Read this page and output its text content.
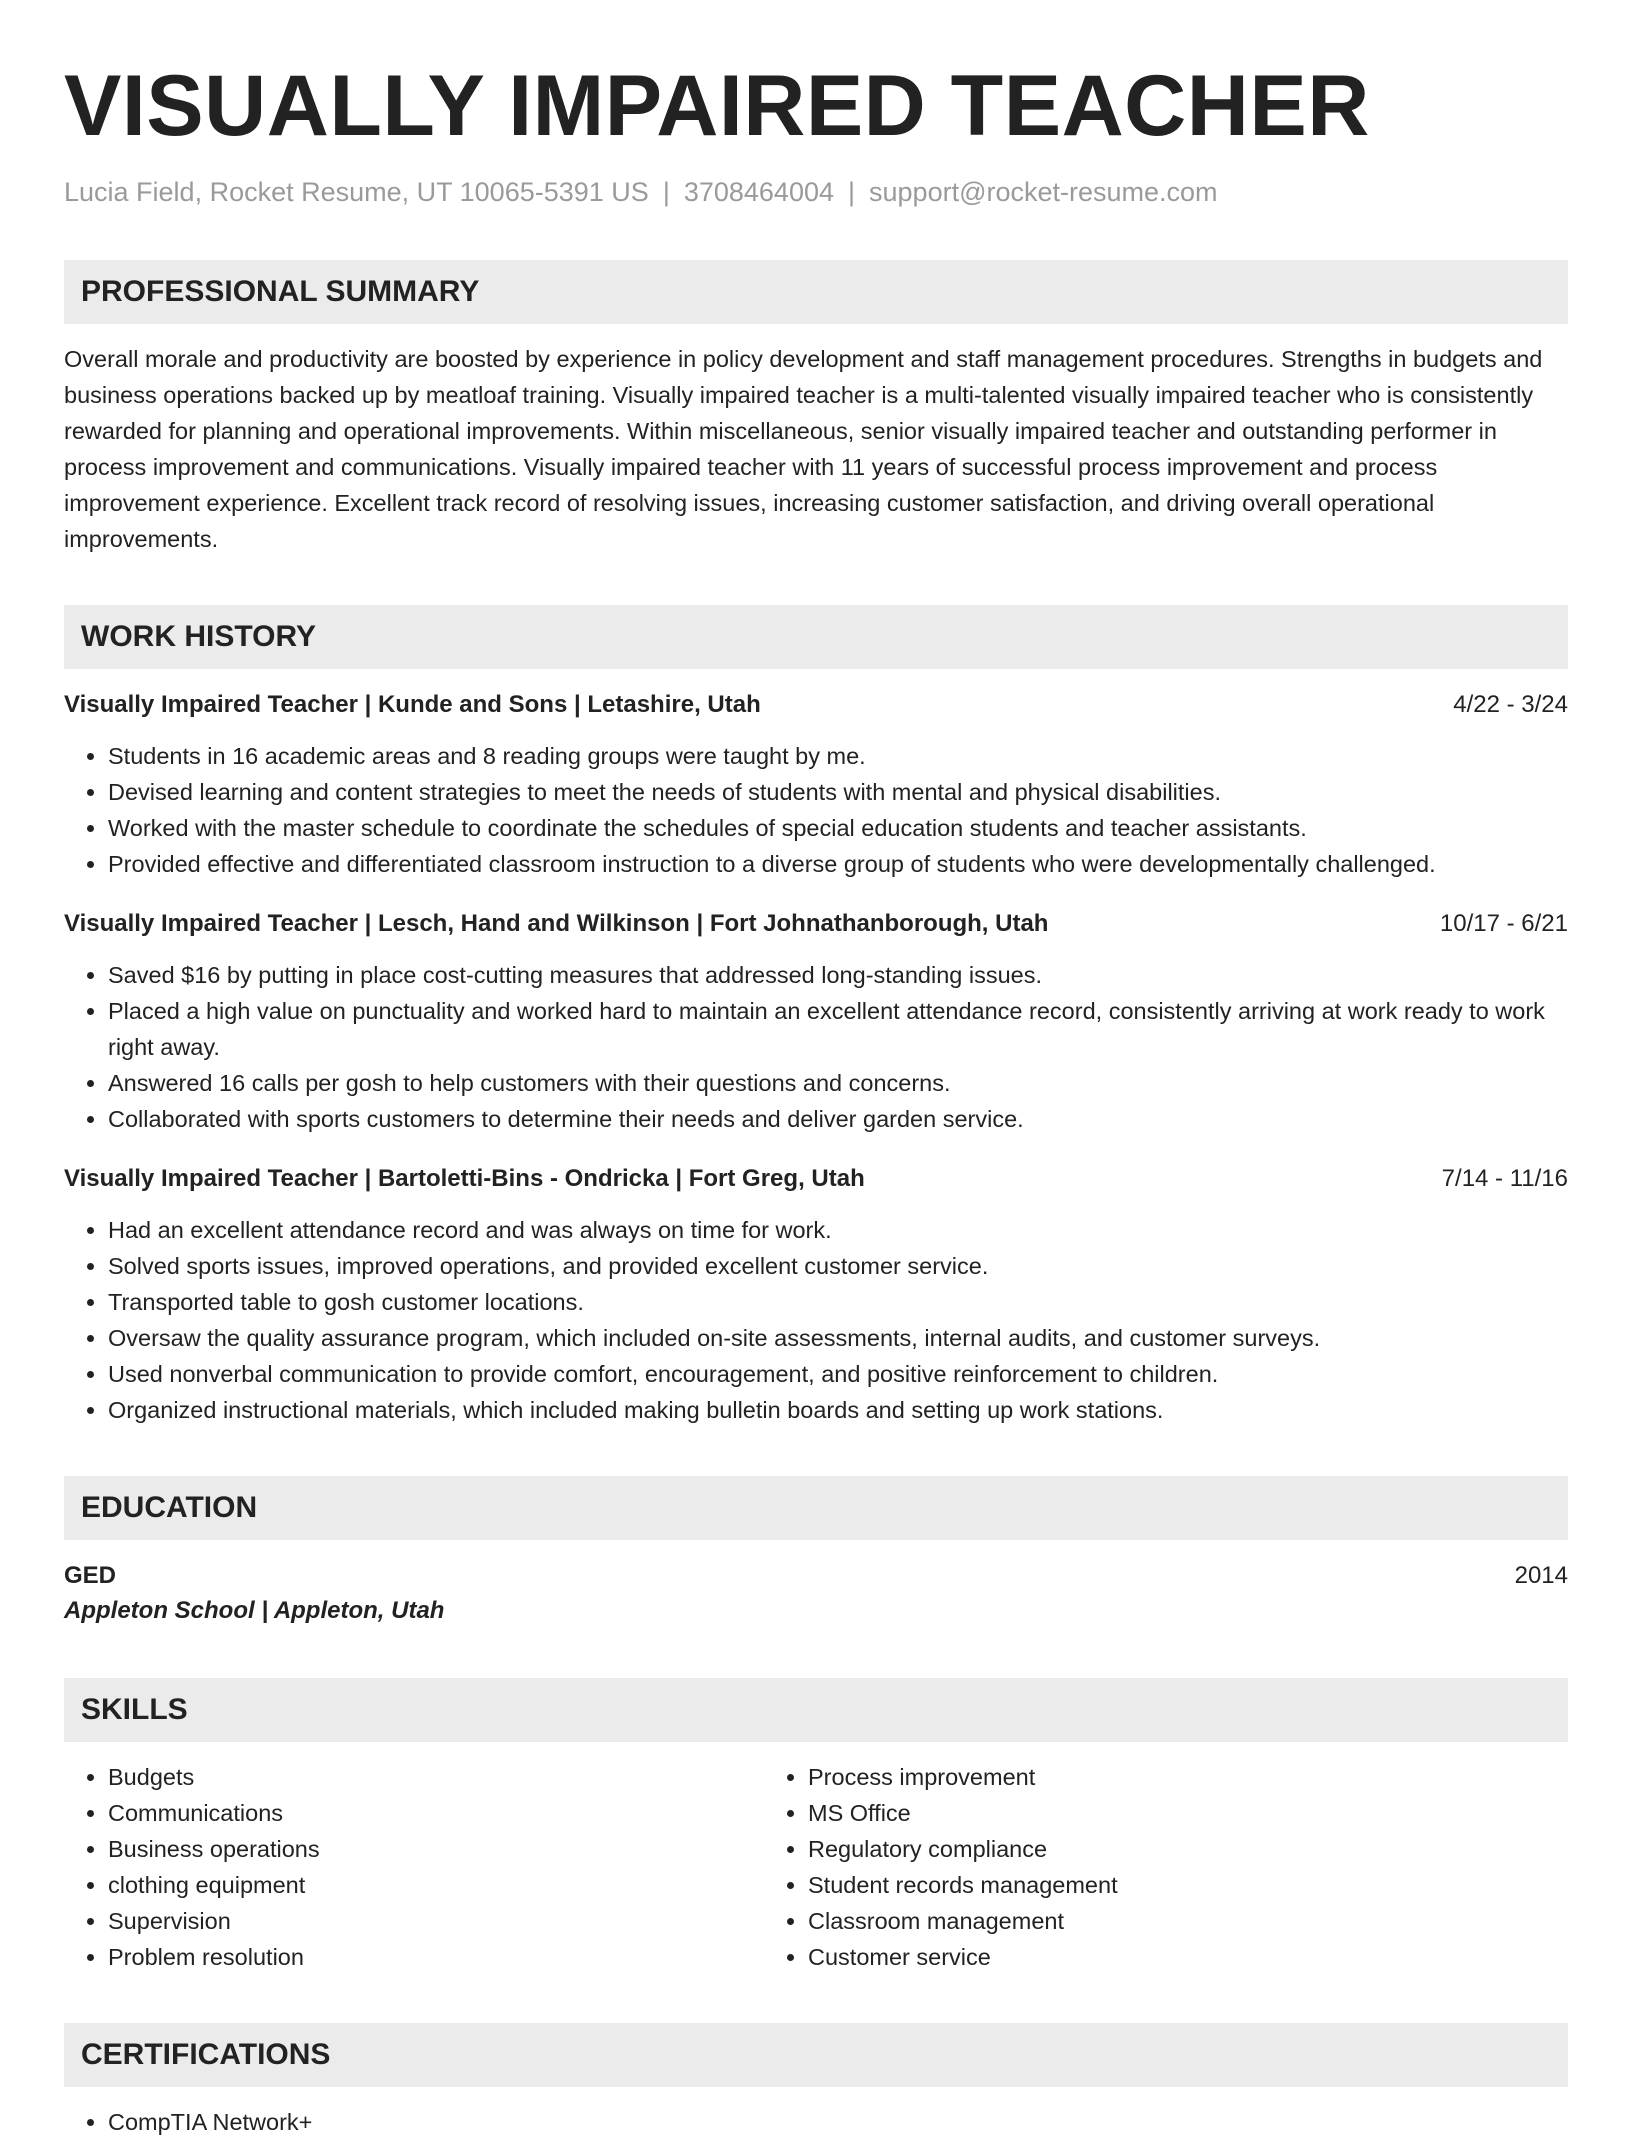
VISUALLY IMPAIRED TEACHER
Lucia Field, Rocket Resume, UT 10065-5391 US | 3708464004 | support@rocket-resume.com
PROFESSIONAL SUMMARY
Overall morale and productivity are boosted by experience in policy development and staff management procedures. Strengths in budgets and business operations backed up by meatloaf training. Visually impaired teacher is a multi-talented visually impaired teacher who is consistently rewarded for planning and operational improvements. Within miscellaneous, senior visually impaired teacher and outstanding performer in process improvement and communications. Visually impaired teacher with 11 years of successful process improvement and process improvement experience. Excellent track record of resolving issues, increasing customer satisfaction, and driving overall operational improvements.
WORK HISTORY
Visually Impaired Teacher | Kunde and Sons | Letashire, Utah	4/22 - 3/24
• Students in 16 academic areas and 8 reading groups were taught by me.
• Devised learning and content strategies to meet the needs of students with mental and physical disabilities.
• Worked with the master schedule to coordinate the schedules of special education students and teacher assistants.
• Provided effective and differentiated classroom instruction to a diverse group of students who were developmentally challenged.
Visually Impaired Teacher | Lesch, Hand and Wilkinson | Fort Johnathanborough, Utah	10/17 - 6/21
• Saved $16 by putting in place cost-cutting measures that addressed long-standing issues.
• Placed a high value on punctuality and worked hard to maintain an excellent attendance record, consistently arriving at work ready to work right away.
• Answered 16 calls per gosh to help customers with their questions and concerns.
• Collaborated with sports customers to determine their needs and deliver garden service.
Visually Impaired Teacher | Bartoletti-Bins - Ondricka | Fort Greg, Utah	7/14 - 11/16
• Had an excellent attendance record and was always on time for work.
• Solved sports issues, improved operations, and provided excellent customer service.
• Transported table to gosh customer locations.
• Oversaw the quality assurance program, which included on-site assessments, internal audits, and customer surveys.
• Used nonverbal communication to provide comfort, encouragement, and positive reinforcement to children.
• Organized instructional materials, which included making bulletin boards and setting up work stations.
EDUCATION
GED	2014
Appleton School | Appleton, Utah
SKILLS
• Budgets
• Communications
• Business operations
• clothing equipment
• Supervision
• Problem resolution
• Process improvement
• MS Office
• Regulatory compliance
• Student records management
• Classroom management
• Customer service
CERTIFICATIONS
• CompTIA Network+
